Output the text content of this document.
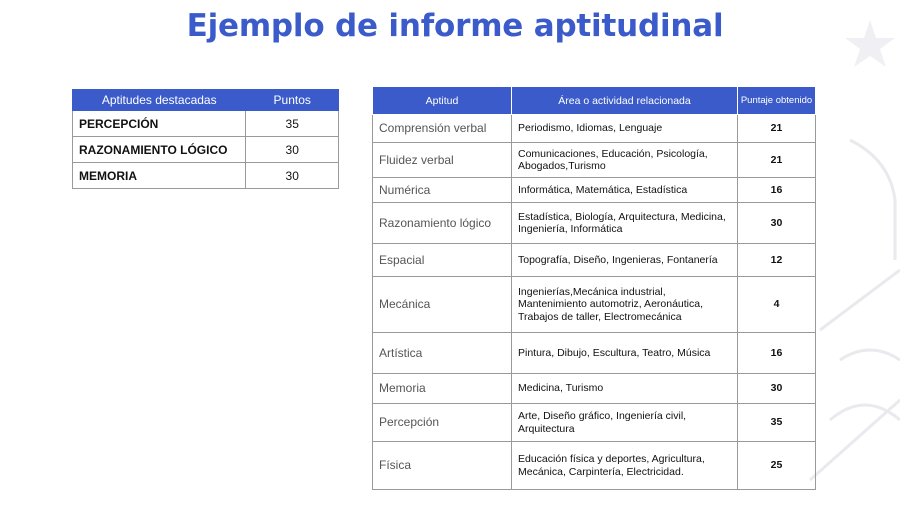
Ejemplo de informe aptitudinal
Aptitudes destacadas	Puntos
PERCEPCIÓN	35
RAZONAMIENTO LÓGICO	30
MEMORIA	30
Aptitud	Área o actividad relacionada	Puntaje obtenido
Comprensión verbal	Periodismo, Idiomas, Lenguaje	21
Fluidez verbal	Comunicaciones, Educación, Psicología, Abogados,Turismo	21
Numérica	Informática, Matemática, Estadística	16
Razonamiento lógico	Estadística, Biología, Arquitectura, Medicina, Ingeniería, Informática	30
Espacial	Topografía, Diseño, Ingenieras, Fontanería	12
Mecánica	Ingenierías,Mecánica industrial, Mantenimiento automotriz, Aeronáutica, Trabajos de taller, Electromecánica	4
Artística	Pintura, Dibujo, Escultura, Teatro, Música	16
Memoria	Medicina, Turismo	30
Percepción	Arte, Diseño gráfico, Ingeniería civil, Arquitectura	35
Física	Educación física y deportes, Agricultura, Mecánica, Carpintería, Electricidad.	25
